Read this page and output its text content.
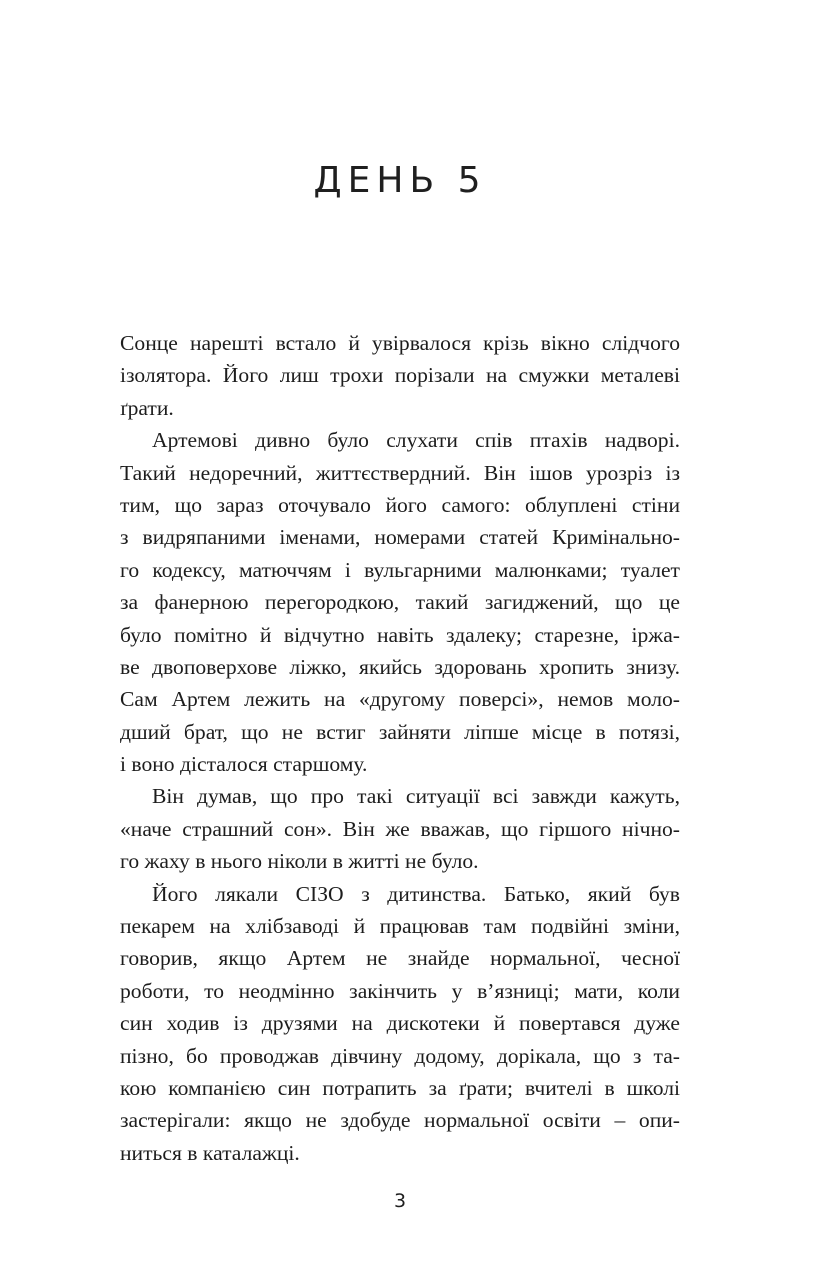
ДЕНЬ 5
Сонце нарешті встало й увірвалося крізь вікно слідчого
ізолятора. Його лиш трохи порізали на смужки металеві
ґрати.
Артемові дивно було слухати спів птахів надворі.
Такий недоречний, життєствердний. Він ішов урозріз із
тим, що зараз оточувало його самого: облуплені стіни
з видряпаними іменами, номерами статей Кримінально-
го кодексу, матюччям і вульгарними малюнками; туалет
за фанерною перегородкою, такий загиджений, що це
було помітно й відчутно навіть здалеку; старезне, іржа-
ве двоповерхове ліжко, якийсь здоровань хропить знизу.
Сам Артем лежить на «другому поверсі», немов моло-
дший брат, що не встиг зайняти ліпше місце в потязі,
і воно дісталося старшому.
Він думав, що про такі ситуації всі завжди кажуть,
«наче страшний сон». Він же вважав, що гіршого нічно-
го жаху в нього ніколи в житті не було.
Його лякали СІЗО з дитинства. Батько, який був
пекарем на хлібзаводі й працював там подвійні зміни,
говорив, якщо Артем не знайде нормальної, чесної
роботи, то неодмінно закінчить у в’язниці; мати, коли
син ходив із друзями на дискотеки й повертався дуже
пізно, бо проводжав дівчину додому, дорікала, що з та-
кою компанією син потрапить за ґрати; вчителі в школі
застерігали: якщо не здобуде нормальної освіти – опи-
ниться в каталажці.
3
